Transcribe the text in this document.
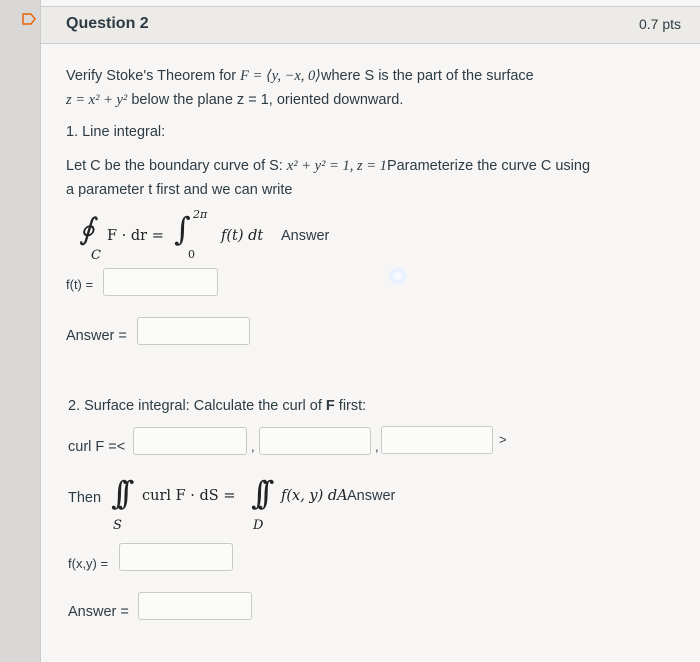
Question 2	0.7 pts
Verify Stoke's Theorem for F = ⟨y, −x, 0⟩where S is the part of the surface
z = x² + y² below the plane z = 1, oriented downward.
1. Line integral:
Let C be the boundary curve of S: x² + y² = 1, z = 1Parameterize the curve C using
a parameter t first and we can write
∮
C
F · dr = ∫ 2π
0
f(t) dt Answer
f(t) =
Answer =
2. Surface integral: Calculate the curl of F first:
curl F =<	,	,	>
Then ∫∫
S
curl F · dS = ∫∫
D
f(x, y) dA Answer
f(x,y) =
Answer =
